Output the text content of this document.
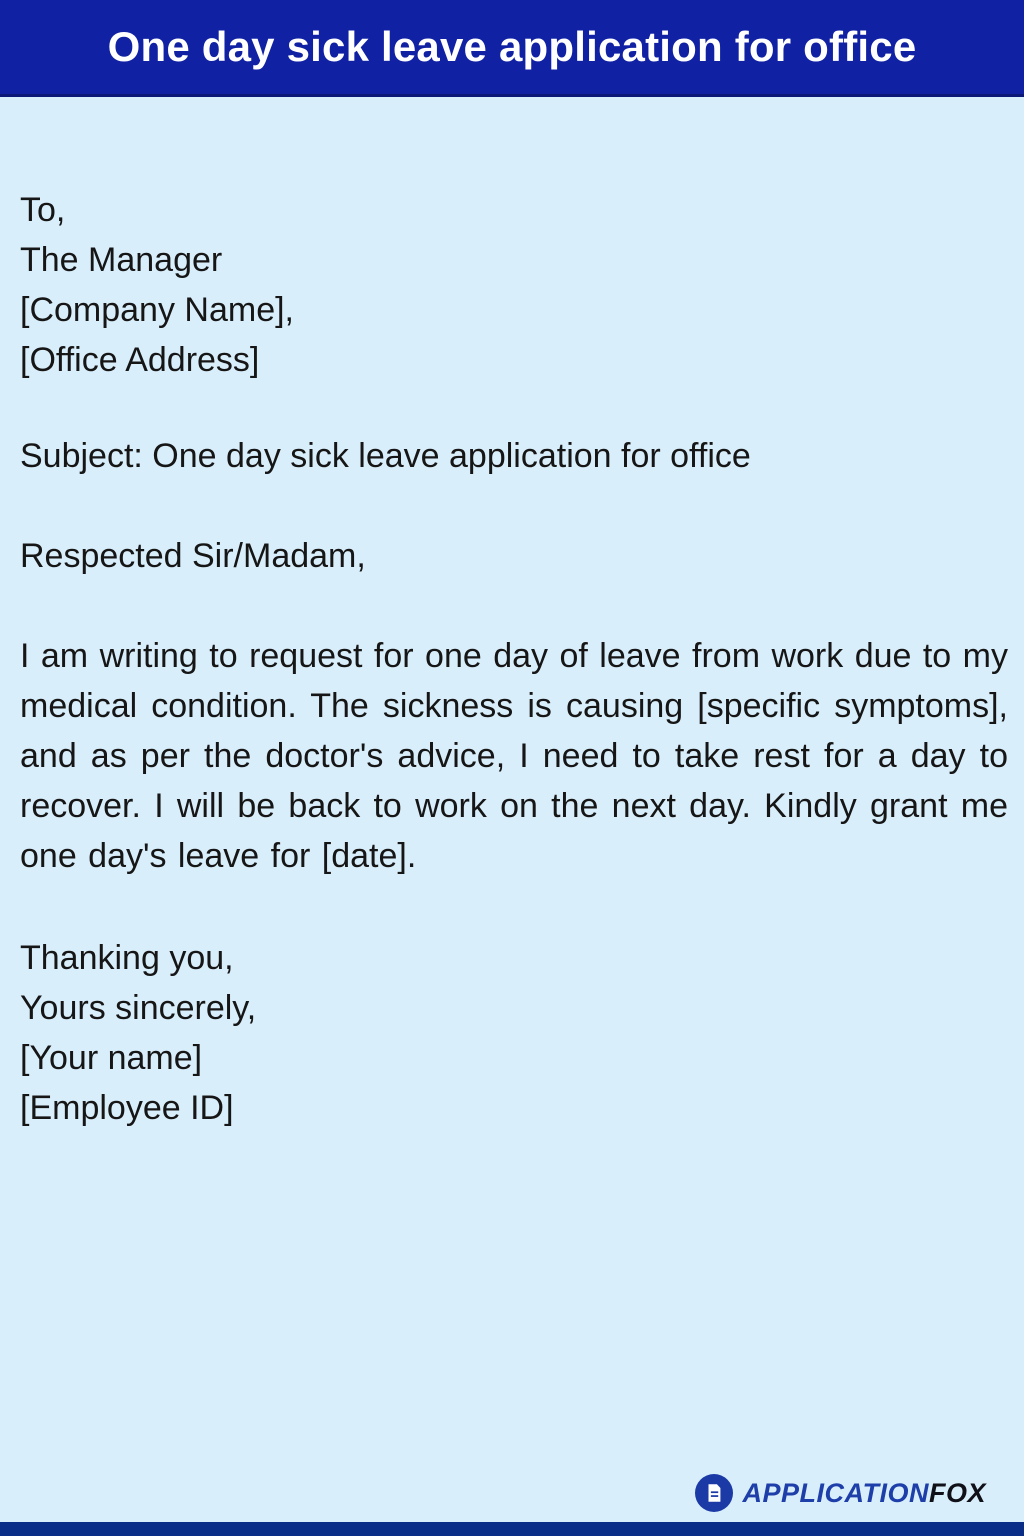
One day sick leave application for office
To,
The Manager
[Company Name],
[Office Address]
Subject: One day sick leave application for office
Respected Sir/Madam,

I am writing to request for one day of leave from work due to my medical condition. The sickness is causing [specific symptoms], and as per the doctor's advice, I need to take rest for a day to recover. I will be back to work on the next day. Kindly grant me one day's leave for [date].

Thanking you,
Yours sincerely,
[Your name]
[Employee ID]
APPLICATIONFOX
